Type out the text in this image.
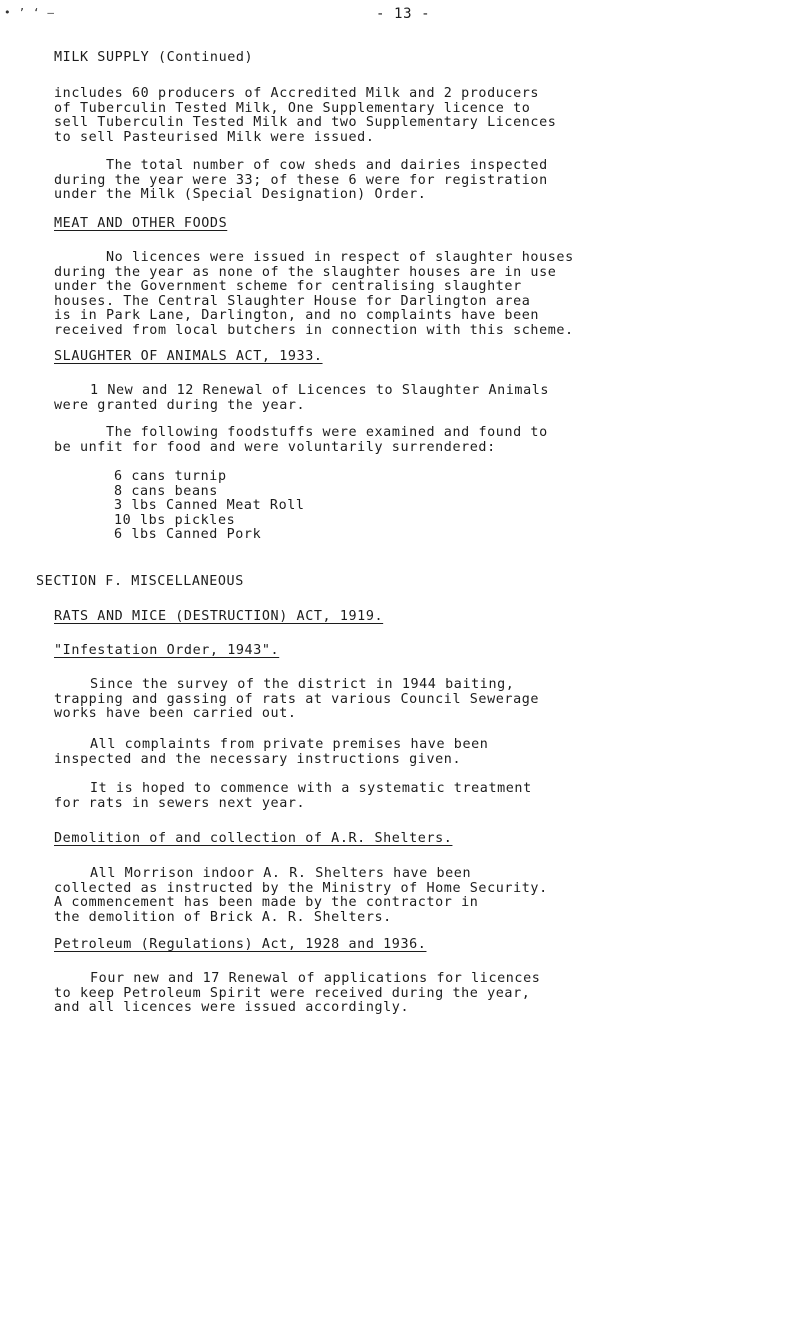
• ’ ‘ —	- 13 -
MILK SUPPLY (Continued)
includes 60 producers of Accredited Milk and 2 producers
of Tuberculin Tested Milk, One Supplementary licence to
sell Tuberculin Tested Milk and two Supplementary Licences
to sell Pasteurised Milk were issued.
The total number of cow sheds and dairies inspected
during the year were 33; of these 6 were for registration
under the Milk (Special Designation) Order.
MEAT AND OTHER FOODS
No licences were issued in respect of slaughter houses
during the year as none of the slaughter houses are in use
under the Government scheme for centralising slaughter
houses. The Central Slaughter House for Darlington area
is in Park Lane, Darlington, and no complaints have been
received from local butchers in connection with this scheme.
SLAUGHTER OF ANIMALS ACT, 1933.
1 New and 12 Renewal of Licences to Slaughter Animals
were granted during the year.
The following foodstuffs were examined and found to
be unfit for food and were voluntarily surrendered:
6 cans turnip
8 cans beans
3 lbs Canned Meat Roll
10 lbs pickles
6 lbs Canned Pork
SECTION F. MISCELLANEOUS
RATS AND MICE (DESTRUCTION) ACT, 1919.
"Infestation Order, 1943".
Since the survey of the district in 1944 baiting,
trapping and gassing of rats at various Council Sewerage
works have been carried out.
All complaints from private premises have been
inspected and the necessary instructions given.
It is hoped to commence with a systematic treatment
for rats in sewers next year.
Demolition of and collection of A.R. Shelters.
All Morrison indoor A. R. Shelters have been
collected as instructed by the Ministry of Home Security.
A commencement has been made by the contractor in
the demolition of Brick A. R. Shelters.
Petroleum (Regulations) Act, 1928 and 1936.
Four new and 17 Renewal of applications for licences
to keep Petroleum Spirit were received during the year,
and all licences were issued accordingly.
